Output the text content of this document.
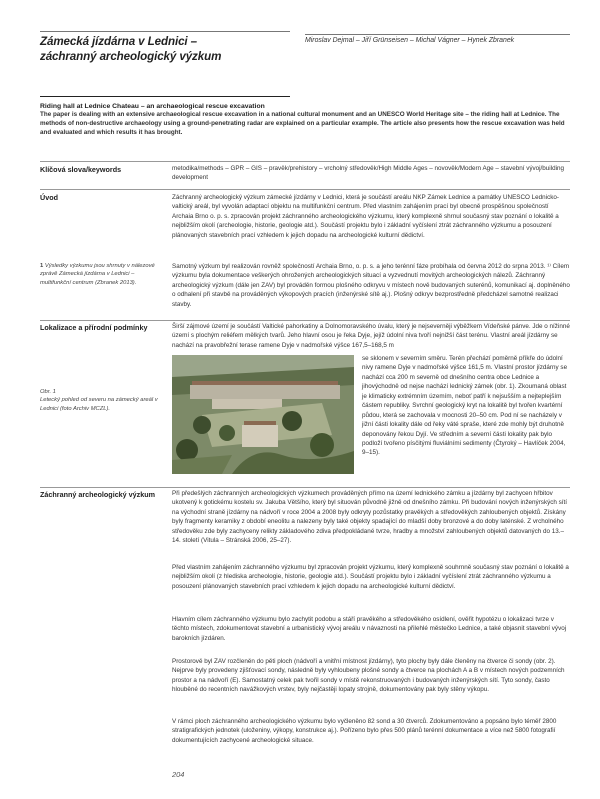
Zámecká jízdárna v Lednici –
záchranný archeologický výzkum
Miroslav Dejmal – Jiří Grünseisen – Michal Vágner – Hynek Zbranek
Riding hall at Lednice Chateau – an archaeological rescue excavation
The paper is dealing with an extensive archaeological rescue excavation in a national cultural monument and an UNESCO World Heritage site – the riding hall at Lednice. The methods of non-destructive archaeology using a ground-penetrating radar are explained on a particular example. The article also presents how the rescue excavation was held and evaluated and which results it has brought.
Klíčová slova/keywords	metodika/methods – GPR – GIS – pravěk/prehistory – vrcholný středověk/High Middle Ages – novověk/Modern Age – stavební vývoj/building development
Úvod	Záchranný archeologický výzkum zámecké jízdárny v Lednici, která je součástí areálu NKP Zámek Lednice a památky UNESCO Lednicko-valtický areál, byl vyvolán adaptací objektu na multifunkční centrum. Před vlastním zahájením prací byl obecně prospěšnou společností Archaia Brno o. p. s. zpracován projekt záchranného archeologického výzkumu, který komplexně shrnul současný stav poznání o lokalitě a nejbližším okolí (archeologie, historie, geologie atd.). Součástí projektu bylo i základní vyčíslení ztrát záchranného výzkumu a posouzení plánovaných stavebních prací vzhledem k jejich dopadu na archeologické kulturní dědictví.
1 Výsledky výzkumu jsou shrnuty v nálezové zprávě Zámecká jízdárna v Lednici – multifunkční centrum (Zbranek 2013).
Samotný výzkum byl realizován rovněž společností Archaia Brno, o. p. s. a jeho terénní fáze probíhala od června 2012 do srpna 2013. ¹⁾ Cílem výzkumu byla dokumentace veškerých ohrožených archeologických situací a vyzvednutí movitých archeologických nálezů. Záchranný archeologický výzkum (dále jen ZAV) byl prováděn formou plošného odkryvu v místech nově budovaných suterénů, komunikací aj. doplněného o odhalení při stavbě na prováděných výkopových pracích (inženýrské sítě aj.). Plošný odkryv bezprostředně předcházel samotné realizaci stavby.
Lokalizace a přírodní podmínky	Širší zájmové území je součástí Valtické pahorkatiny a Dolnomoravského úvalu, který je nejseverněji výběžkem Vídeňské pánve. Jde o nížinné území s plochým reliéfem mělkých tvarů. Jeho hlavní osou je řeka Dyje, jejíž údolní niva tvoří nejnižší část terénu. Vlastní areál jízdárny se nachází na pravobřežní terase ramene Dyje v nadmořské výšce 167,5–168,5 m
Obr. 1
Letecký pohled od severu na zámecký areál v Lednici (foto Archiv MCZL).
se sklonem v severním směru. Terén přechází poměrně příkře do údolní nivy ramene Dyje v nadmořské výšce 161,5 m. Vlastní prostor jízdárny se nachází cca 200 m severně od dnešního centra obce Lednice a jihovýchodně od nejse nachází lednický zámek (obr. 1). Zkoumaná oblast je klimaticky extrémním územím, neboť patří k nejsušším a nejteplejším částem republiky. Svrchní geologický kryt na lokalitě byl tvořen kvartérní půdou, která se zachovala v mocnosti 20–50 cm. Pod ní se nacházely v jižní části lokality dále od řeky váté spraše, které zde mohly být druhotně deponovány řekou Dyjí. Ve středním a severní části lokality pak bylo podloží tvořeno písčitými fluviálními sedimenty (Čtyroký – Havlíček 2004, 9–15).
Záchranný archeologický výzkum	Při předešlých záchranných archeologických výzkumech prováděných přímo na území lednického zámku a jízdárny byl zachycen hřbitov ukotvený k gotickému kostelu sv. Jakuba Většího, který byl situován původně jižně od dnešního zámku. Při budování nových inženýrských sítí na východní straně jízdárny na nádvoří v roce 2004 a 2008 byly odkryty pozůstatky pravěkých a středověkých zahloubených objektů. Získány byly fragmenty keramiky z období eneolitu a nalezeny byly také objekty spadající do mladší doby bronzové a do doby laténské. Z vrcholného středověku zde byly zachyceny relikty základového zdiva předpokládané tvrze, hradby a množství zahloubených objektů datovaných do 13.–14. století (Vitula – Stránská 2006, 25–27).
Před vlastním zahájením záchranného výzkumu byl zpracován projekt výzkumu, který komplexně souhrnně současný stav poznání o lokalitě a nejbližším okolí (z hlediska archeologie, historie, geologie atd.). Součástí projektu bylo i základní vyčíslení ztrát záchranného výzkumu a posouzení plánovaných stavebních prací vzhledem k jejich dopadu na archeologické kulturní dědictví.
Hlavním cílem záchranného výzkumu bylo zachytit podobu a stáří pravěkého a středověkého osídlení, ověřit hypotézu o lokalizaci tvrze v těchto místech, zdokumentovat stavební a urbanistický vývoj areálu v návaznosti na přilehlé městečko Lednice, a také objasnit stavební vývoj barokních jízdáren.
Prostorově byl ZAV rozčleněn do pěti ploch (nádvoří a vnitřní místnost jízdárny), tyto plochy byly dále členěny na čtverce či sondy (obr. 2). Nejprve byly provedeny zjišťovací sondy, následně byly vyhloubeny plošné sondy a čtverce na plochách A a B v místech nových podzemních prostor a na nádvoří (E). Samostatný celek pak tvořil sondy v místě rekonstruovaných i budovaných inženýrských sítí. Tyto sondy, často hlouběné do recentních navážkových vrstev, byly nejčastěji lopaty strojně, dokumentovány pak byly stěny výkopu.
V rámci ploch záchranného archeologického výzkumu bylo vyčleněno 82 sond a 30 čtverců. Zdokumentováno a popsáno bylo téměř 2800 stratigrafických jednotek (uloženiny, výkopy, konstrukce aj.). Pořízeno bylo přes 500 plánů terénní dokumentace a více než 5800 fotografií dokumentujících zachycené archeologické situace.
204
